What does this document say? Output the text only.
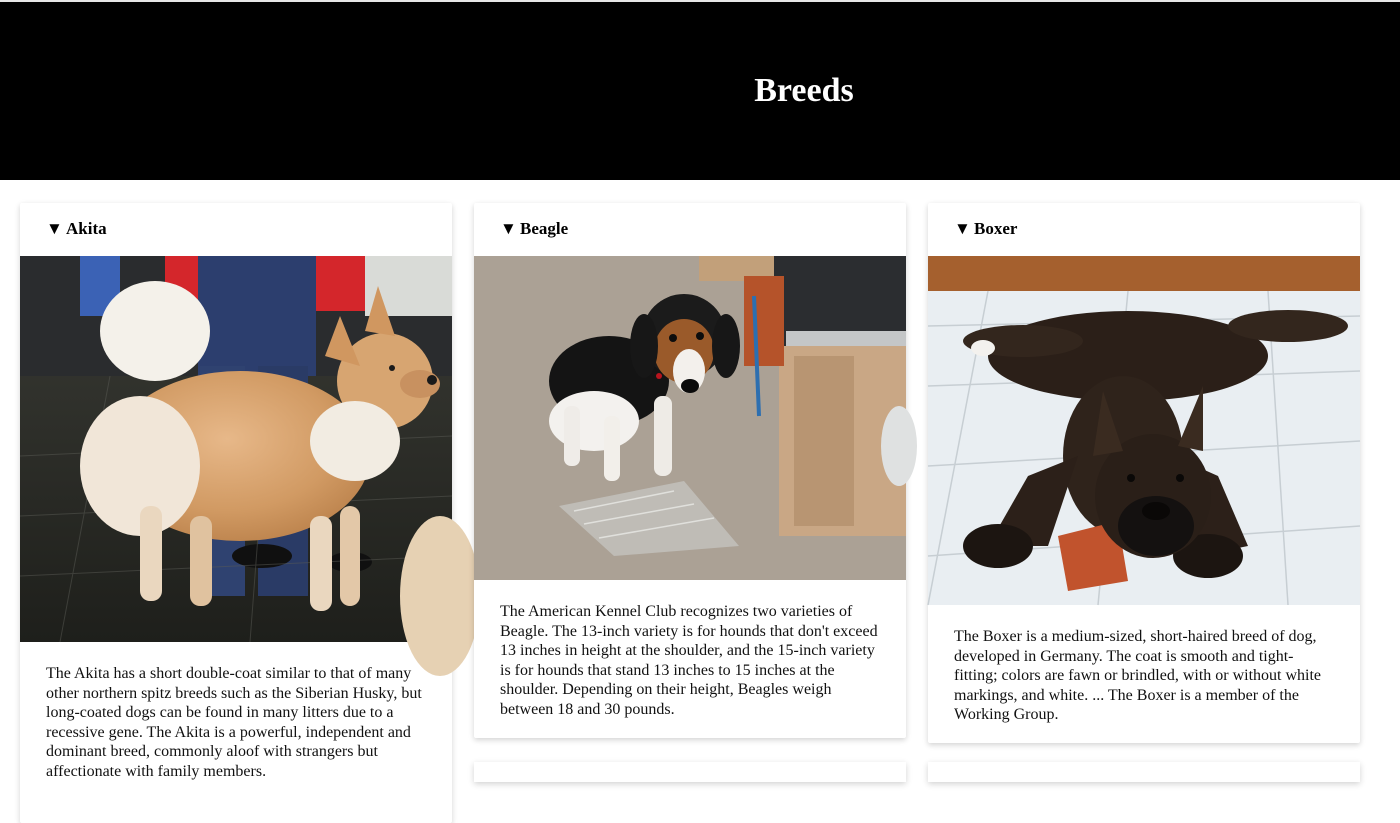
Breeds
▼ Akita

The Akita has a short double-coat similar to that of many other northern spitz breeds such as the Siberian Husky, but long-coated dogs can be found in many litters due to a recessive gene. The Akita is a powerful, independent and dominant breed, commonly aloof with strangers but affectionate with family members.

▼ Beagle

The American Kennel Club recognizes two varieties of Beagle. The 13-inch variety is for hounds that don't exceed 13 inches in height at the shoulder, and the 15-inch variety is for hounds that stand 13 inches to 15 inches at the shoulder. Depending on their height, Beagles weigh between 18 and 30 pounds.

▼ Boxer

The Boxer is a medium-sized, short-haired breed of dog, developed in Germany. The coat is smooth and tight-fitting; colors are fawn or brindled, with or without white markings, and white. ... The Boxer is a member of the Working Group.
